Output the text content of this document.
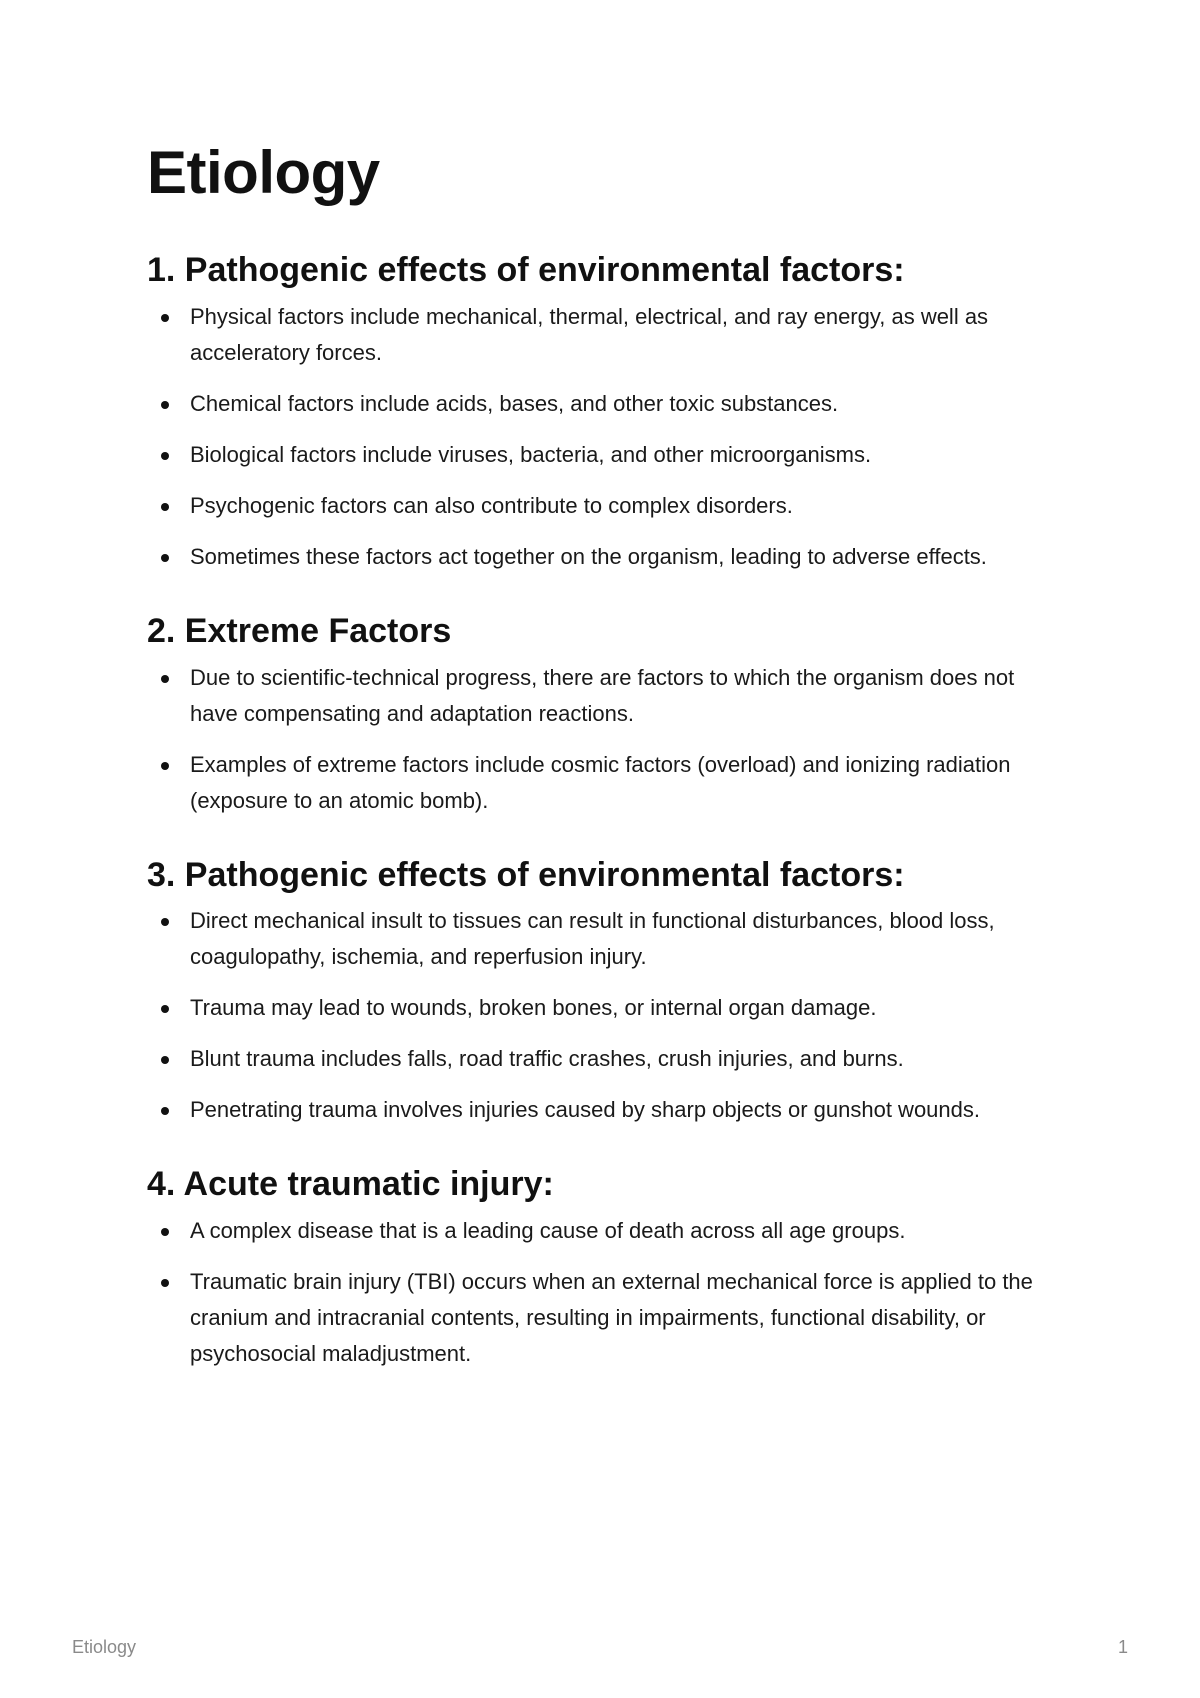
Etiology
1. Pathogenic effects of environmental factors:
Physical factors include mechanical, thermal, electrical, and ray energy, as well as acceleratory forces.
Chemical factors include acids, bases, and other toxic substances.
Biological factors include viruses, bacteria, and other microorganisms.
Psychogenic factors can also contribute to complex disorders.
Sometimes these factors act together on the organism, leading to adverse effects.
2. Extreme Factors
Due to scientific-technical progress, there are factors to which the organism does not have compensating and adaptation reactions.
Examples of extreme factors include cosmic factors (overload) and ionizing radiation (exposure to an atomic bomb).
3. Pathogenic effects of environmental factors:
Direct mechanical insult to tissues can result in functional disturbances, blood loss, coagulopathy, ischemia, and reperfusion injury.
Trauma may lead to wounds, broken bones, or internal organ damage.
Blunt trauma includes falls, road traffic crashes, crush injuries, and burns.
Penetrating trauma involves injuries caused by sharp objects or gunshot wounds.
4. Acute traumatic injury:
A complex disease that is a leading cause of death across all age groups.
Traumatic brain injury (TBI) occurs when an external mechanical force is applied to the cranium and intracranial contents, resulting in impairments, functional disability, or psychosocial maladjustment.
Etiology	1
